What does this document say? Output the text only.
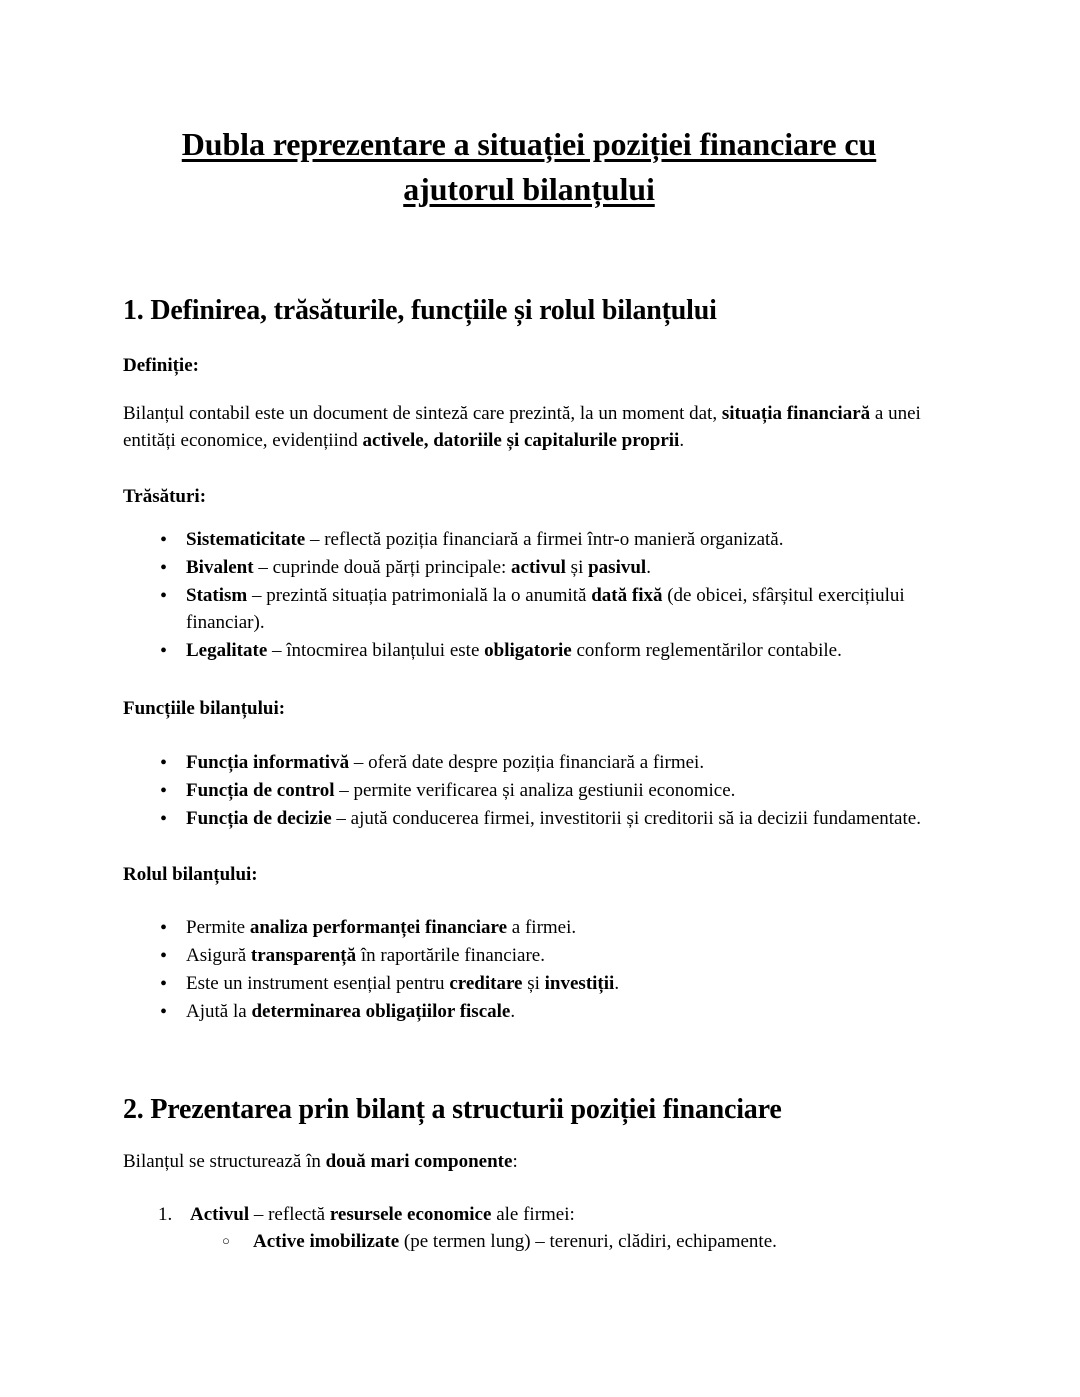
Dubla reprezentare a situației poziției financiare cu ajutorul bilanțului
1. Definirea, trăsăturile, funcțiile și rolul bilanțului
Definiție:

Bilanțul contabil este un document de sinteză care prezintă, la un moment dat, situația financiară a unei entități economice, evidențiind activele, datoriile și capitalurile proprii.

Trăsături:
• Sistematicitate – reflectă poziția financiară a firmei într-o manieră organizată.
• Bivalent – cuprinde două părți principale: activul și pasivul.
• Statism – prezintă situația patrimonială la o anumită dată fixă (de obicei, sfârșitul exercițiului financiar).
• Legalitate – întocmirea bilanțului este obligatorie conform reglementărilor contabile.
Funcțiile bilanțului:
• Funcția informativă – oferă date despre poziția financiară a firmei.
• Funcția de control – permite verificarea și analiza gestiunii economice.
• Funcția de decizie – ajută conducerea firmei, investitorii și creditorii să ia decizii fundamentate.
Rolul bilanțului:
• Permite analiza performanței financiare a firmei.
• Asigură transparență în raportările financiare.
• Este un instrument esențial pentru creditare și investiții.
• Ajută la determinarea obligațiilor fiscale.
2. Prezentarea prin bilanț a structurii poziției financiare

Bilanțul se structurează în două mari componente:

1. Activul – reflectă resursele economice ale firmei:
○ Active imobilizate (pe termen lung) – terenuri, clădiri, echipamente.
